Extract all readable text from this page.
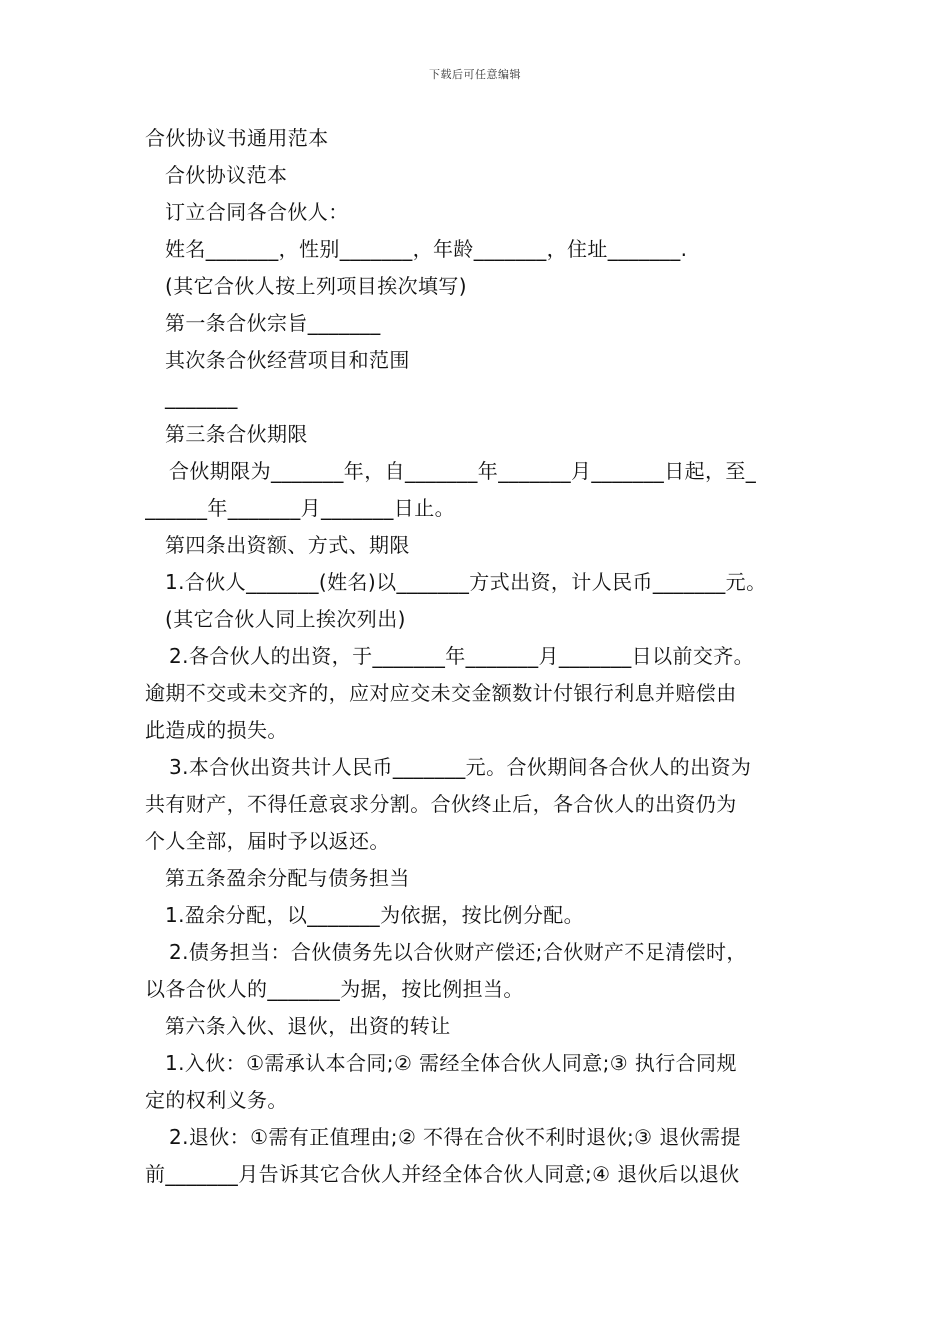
下载后可任意编辑
合伙协议书通用范本
合伙协议范本
订立合同各合伙人：
姓名_______，性别_______，年龄_______，住址_______.
(其它合伙人按上列项目挨次填写)
第一条合伙宗旨_______
其次条合伙经营项目和范围
_______
第三条合伙期限
合伙期限为_______年，自_______年_______月_______日起，至_
______年_______月_______日止。
第四条出资额、方式、期限
1.合伙人_______(姓名)以_______方式出资，计人民币_______元。
(其它合伙人同上挨次列出)
2.各合伙人的出资，于_______年_______月_______日以前交齐。
逾期不交或未交齐的，应对应交未交金额数计付银行利息并赔偿由
此造成的损失。
3.本合伙出资共计人民币_______元。合伙期间各合伙人的出资为
共有财产，不得任意哀求分割。合伙终止后，各合伙人的出资仍为
个人全部，届时予以返还。
第五条盈余分配与债务担当
1.盈余分配，以_______为依据，按比例分配。
2.债务担当：合伙债务先以合伙财产偿还;合伙财产不足清偿时，
以各合伙人的_______为据，按比例担当。
第六条入伙、退伙，出资的转让
1.入伙：①需承认本合同;② 需经全体合伙人同意;③ 执行合同规
定的权利义务。
2.退伙：①需有正值理由;② 不得在合伙不利时退伙;③ 退伙需提
前_______月告诉其它合伙人并经全体合伙人同意;④ 退伙后以退伙
